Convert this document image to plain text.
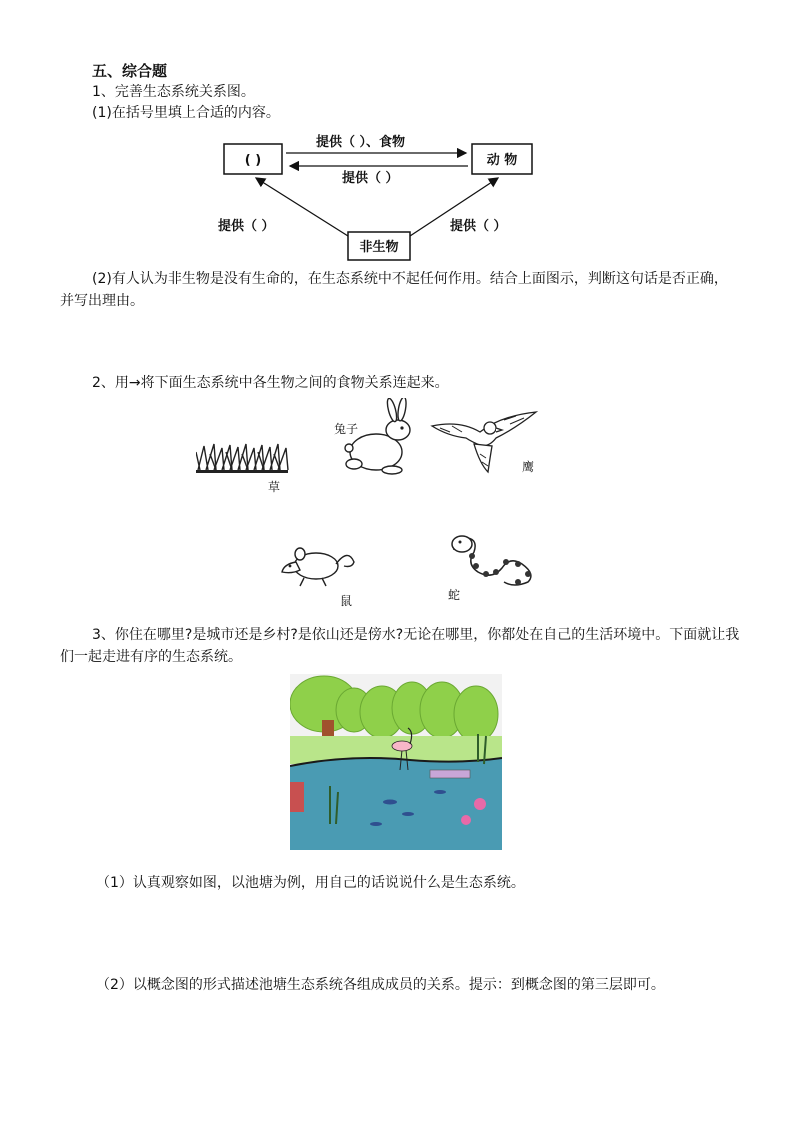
五、综合题
1、完善生态系统关系图。
(1)在括号里填上合适的内容。
( )	动 物
非生物
提供（ ）、食物
提供（ ）
提供（ ）	提供（ ）
(2)有人认为非生物是没有生命的，在生态系统中不起任何作用。结合上面图示，判断这句话是否正确，并写出理由。
2、用→将下面生态系统中各生物之间的食物关系连起来。
草
兔子
鹰
鼠	蛇
3、你住在哪里?是城市还是乡村?是依山还是傍水?无论在哪里，你都处在自己的生活环境中。下面就让我们一起走进有序的生态系统。
（1）认真观察如图，以池塘为例，用自己的话说说什么是生态系统。
（2）以概念图的形式描述池塘生态系统各组成成员的关系。提示：到概念图的第三层即可。
